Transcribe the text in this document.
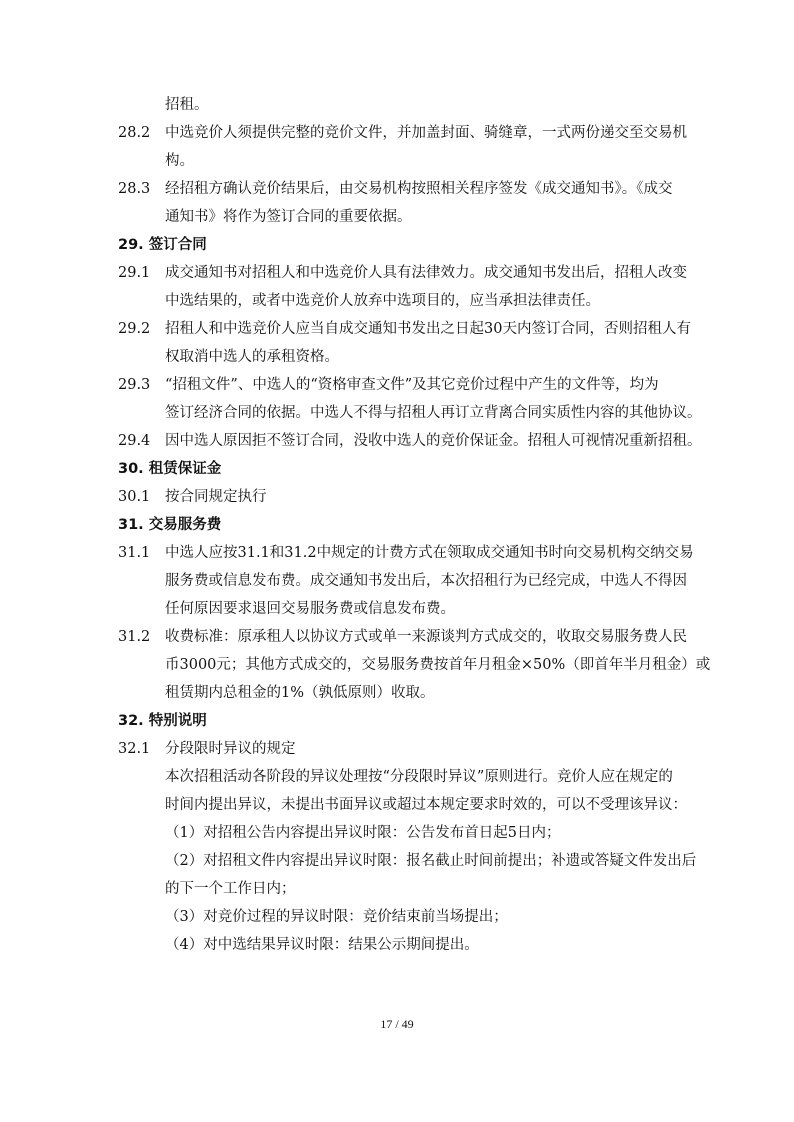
招租。
28.2 中选竞价人须提供完整的竞价文件，并加盖封面、骑缝章，一式两份递交至交易机
构。
28.3 经招租方确认竞价结果后，由交易机构按照相关程序签发《成交通知书》。《成交
通知书》将作为签订合同的重要依据。
29. 签订合同
29.1 成交通知书对招租人和中选竞价人具有法律效力。成交通知书发出后，招租人改变
中选结果的，或者中选竞价人放弃中选项目的，应当承担法律责任。
29.2 招租人和中选竞价人应当自成交通知书发出之日起30天内签订合同，否则招租人有
权取消中选人的承租资格。
29.3 “招租文件”、中选人的“资格审查文件”及其它竞价过程中产生的文件等，均为
签订经济合同的依据。中选人不得与招租人再订立背离合同实质性内容的其他协议。
29.4 因中选人原因拒不签订合同，没收中选人的竞价保证金。招租人可视情况重新招租。
30. 租赁保证金
30.1 按合同规定执行
31. 交易服务费
31.1 中选人应按31.1和31.2中规定的计费方式在领取成交通知书时向交易机构交纳交易
服务费或信息发布费。成交通知书发出后，本次招租行为已经完成，中选人不得因
任何原因要求退回交易服务费或信息发布费。
31.2 收费标准：原承租人以协议方式或单一来源谈判方式成交的，收取交易服务费人民
币3000元；其他方式成交的，交易服务费按首年月租金×50%（即首年半月租金）或
租赁期内总租金的1%（孰低原则）收取。
32. 特别说明
32.1 分段限时异议的规定
本次招租活动各阶段的异议处理按“分段限时异议”原则进行。竞价人应在规定的
时间内提出异议，未提出书面异议或超过本规定要求时效的，可以不受理该异议：
（1）对招租公告内容提出异议时限：公告发布首日起5日内；
（2）对招租文件内容提出异议时限：报名截止时间前提出；补遗或答疑文件发出后
的下一个工作日内；
（3）对竞价过程的异议时限：竞价结束前当场提出；
（4）对中选结果异议时限：结果公示期间提出。
17 / 49
